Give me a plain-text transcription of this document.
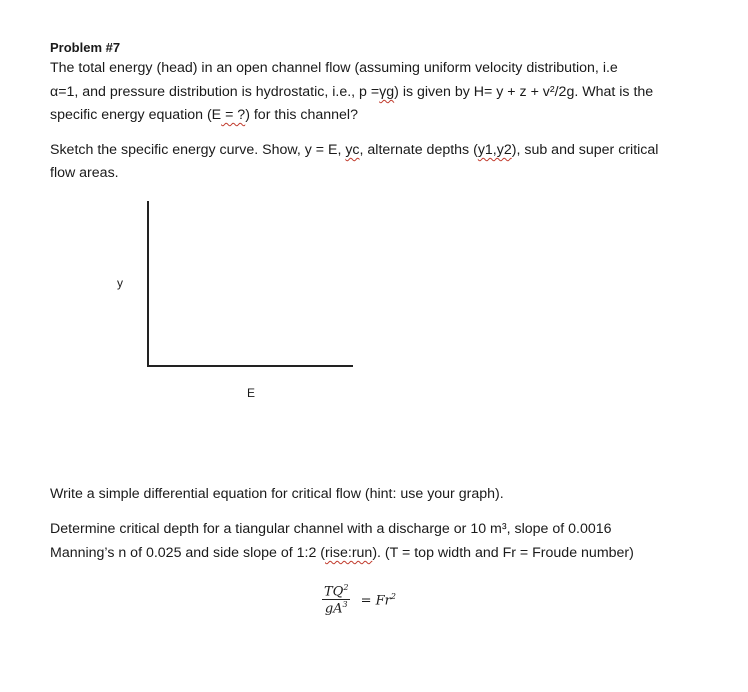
Problem #7
The total energy (head) in an open channel flow (assuming uniform velocity distribution, i.e
α=1, and pressure distribution is hydrostatic, i.e., p =γg) is given by H= y + z + v²/2g. What is the
specific energy equation (E = ?) for this channel?
Sketch the specific energy curve. Show, y = E, yc, alternate depths (y1,y2), sub and super critical
flow areas.
y
E
Write a simple differential equation for critical flow (hint: use your graph).
Determine critical depth for a tiangular channel with a discharge or 10 m³, slope of 0.0016
Manning’s n of 0.025 and side slope of 1:2 (rise:run). (T = top width and Fr = Froude number)
$\frac{TQ^2}{gA^3} = Fr^2$
